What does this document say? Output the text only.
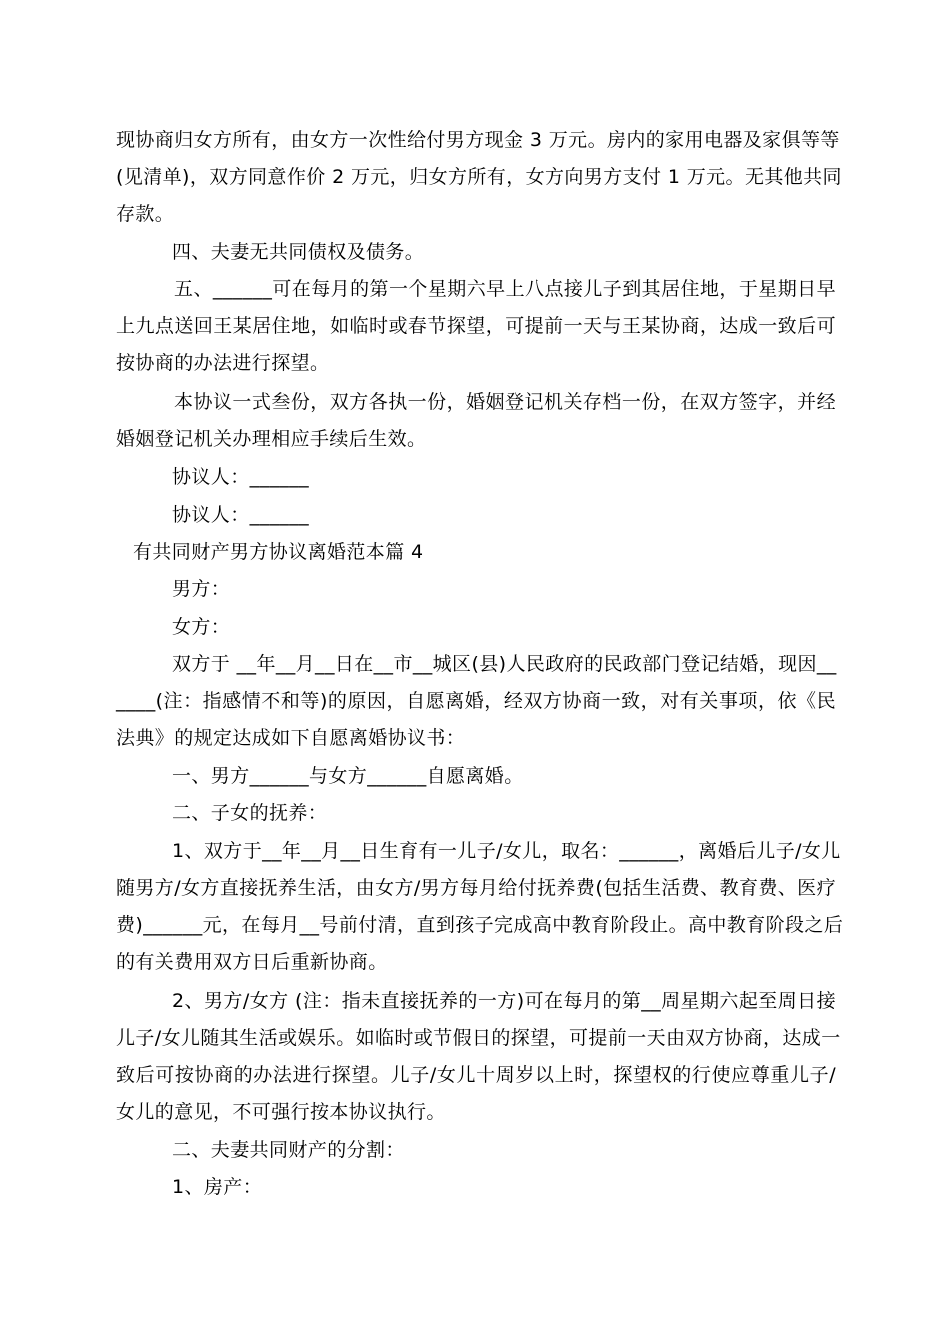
现协商归女方所有，由女方一次性给付男方现金 3 万元。房内的家用电器及家俱等等
(见清单)，双方同意作价 2 万元，归女方所有，女方向男方支付 1 万元。无其他共同
存款。
四、夫妻无共同债权及债务。
五、______可在每月的第一个星期六早上八点接儿子到其居住地，于星期日早
上九点送回王某居住地，如临时或春节探望，可提前一天与王某协商，达成一致后可
按协商的办法进行探望。
本协议一式叁份，双方各执一份，婚姻登记机关存档一份，在双方签字，并经
婚姻登记机关办理相应手续后生效。
协议人：______
协议人：______
有共同财产男方协议离婚范本篇 4
男方：
女方：
双方于 __年__月__日在__市__城区(县)人民政府的民政部门登记结婚，现因__
____(注：指感情不和等)的原因，自愿离婚，经双方协商一致，对有关事项，依《民
法典》的规定达成如下自愿离婚协议书：
一、男方______与女方______自愿离婚。
二、子女的抚养：
1、双方于__年__月__日生育有一儿子/女儿，取名：______，离婚后儿子/女儿
随男方/女方直接抚养生活，由女方/男方每月给付抚养费(包括生活费、教育费、医疗
费)______元，在每月__号前付清，直到孩子完成高中教育阶段止。高中教育阶段之后
的有关费用双方日后重新协商。
2、男方/女方 (注：指未直接抚养的一方)可在每月的第__周星期六起至周日接
儿子/女儿随其生活或娱乐。如临时或节假日的探望，可提前一天由双方协商，达成一
致后可按协商的办法进行探望。儿子/女儿十周岁以上时，探望权的行使应尊重儿子/
女儿的意见，不可强行按本协议执行。
二、夫妻共同财产的分割：
1、房产：
